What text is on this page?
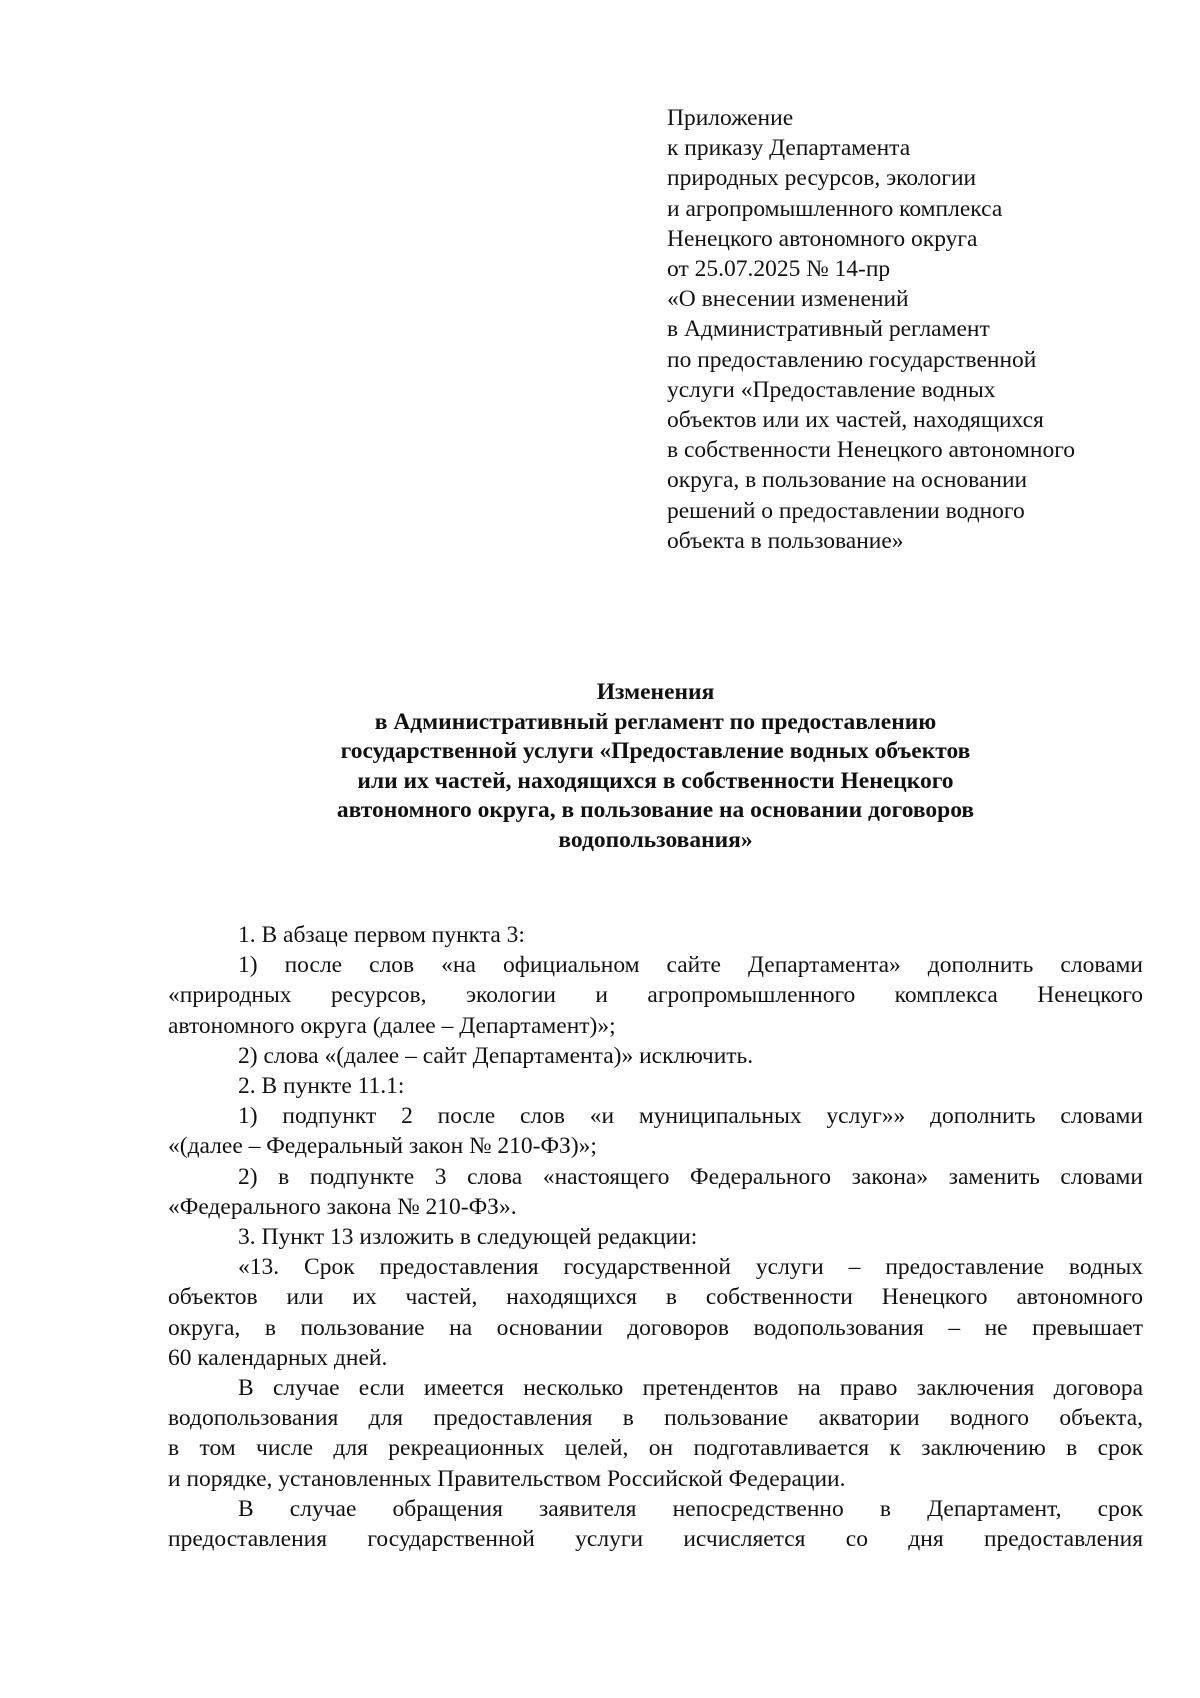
Приложение
к приказу Департамента
природных ресурсов, экологии
и агропромышленного комплекса
Ненецкого автономного округа
от 25.07.2025 № 14-пр
«О внесении изменений
в Административный регламент
по предоставлению государственной
услуги «Предоставление водных
объектов или их частей, находящихся
в собственности Ненецкого автономного
округа, в пользование на основании
решений о предоставлении водного
объекта в пользование»
Изменения
в Административный регламент по предоставлению
государственной услуги «Предоставление водных объектов
или их частей, находящихся в собственности Ненецкого
автономного округа, в пользование на основании договоров
водопользования»

1. В абзаце первом пункта 3:

1) после слов «на официальном сайте Департамента» дополнить словами
«природных ресурсов, экологии и агропромышленного комплекса Ненецкого
автономного округа (далее – Департамент)»;

2) слова «(далее – сайт Департамента)» исключить.

2. В пункте 11.1:

1) подпункт 2 после слов «и муниципальных услуг»» дополнить словами
«(далее – Федеральный закон № 210-ФЗ)»;

2) в подпункте 3 слова «настоящего Федерального закона» заменить словами
«Федерального закона № 210-ФЗ».

3. Пункт 13 изложить в следующей редакции:

«13. Срок предоставления государственной услуги – предоставление водных
объектов или их частей, находящихся в собственности Ненецкого автономного
округа, в пользование на основании договоров водопользования – не превышает
60 календарных дней.

В случае если имеется несколько претендентов на право заключения договора
водопользования для предоставления в пользование акватории водного объекта,
в том числе для рекреационных целей, он подготавливается к заключению в срок
и порядке, установленных Правительством Российской Федерации.

В случае обращения заявителя непосредственно в Департамент, срок
предоставления государственной услуги исчисляется со дня предоставления
